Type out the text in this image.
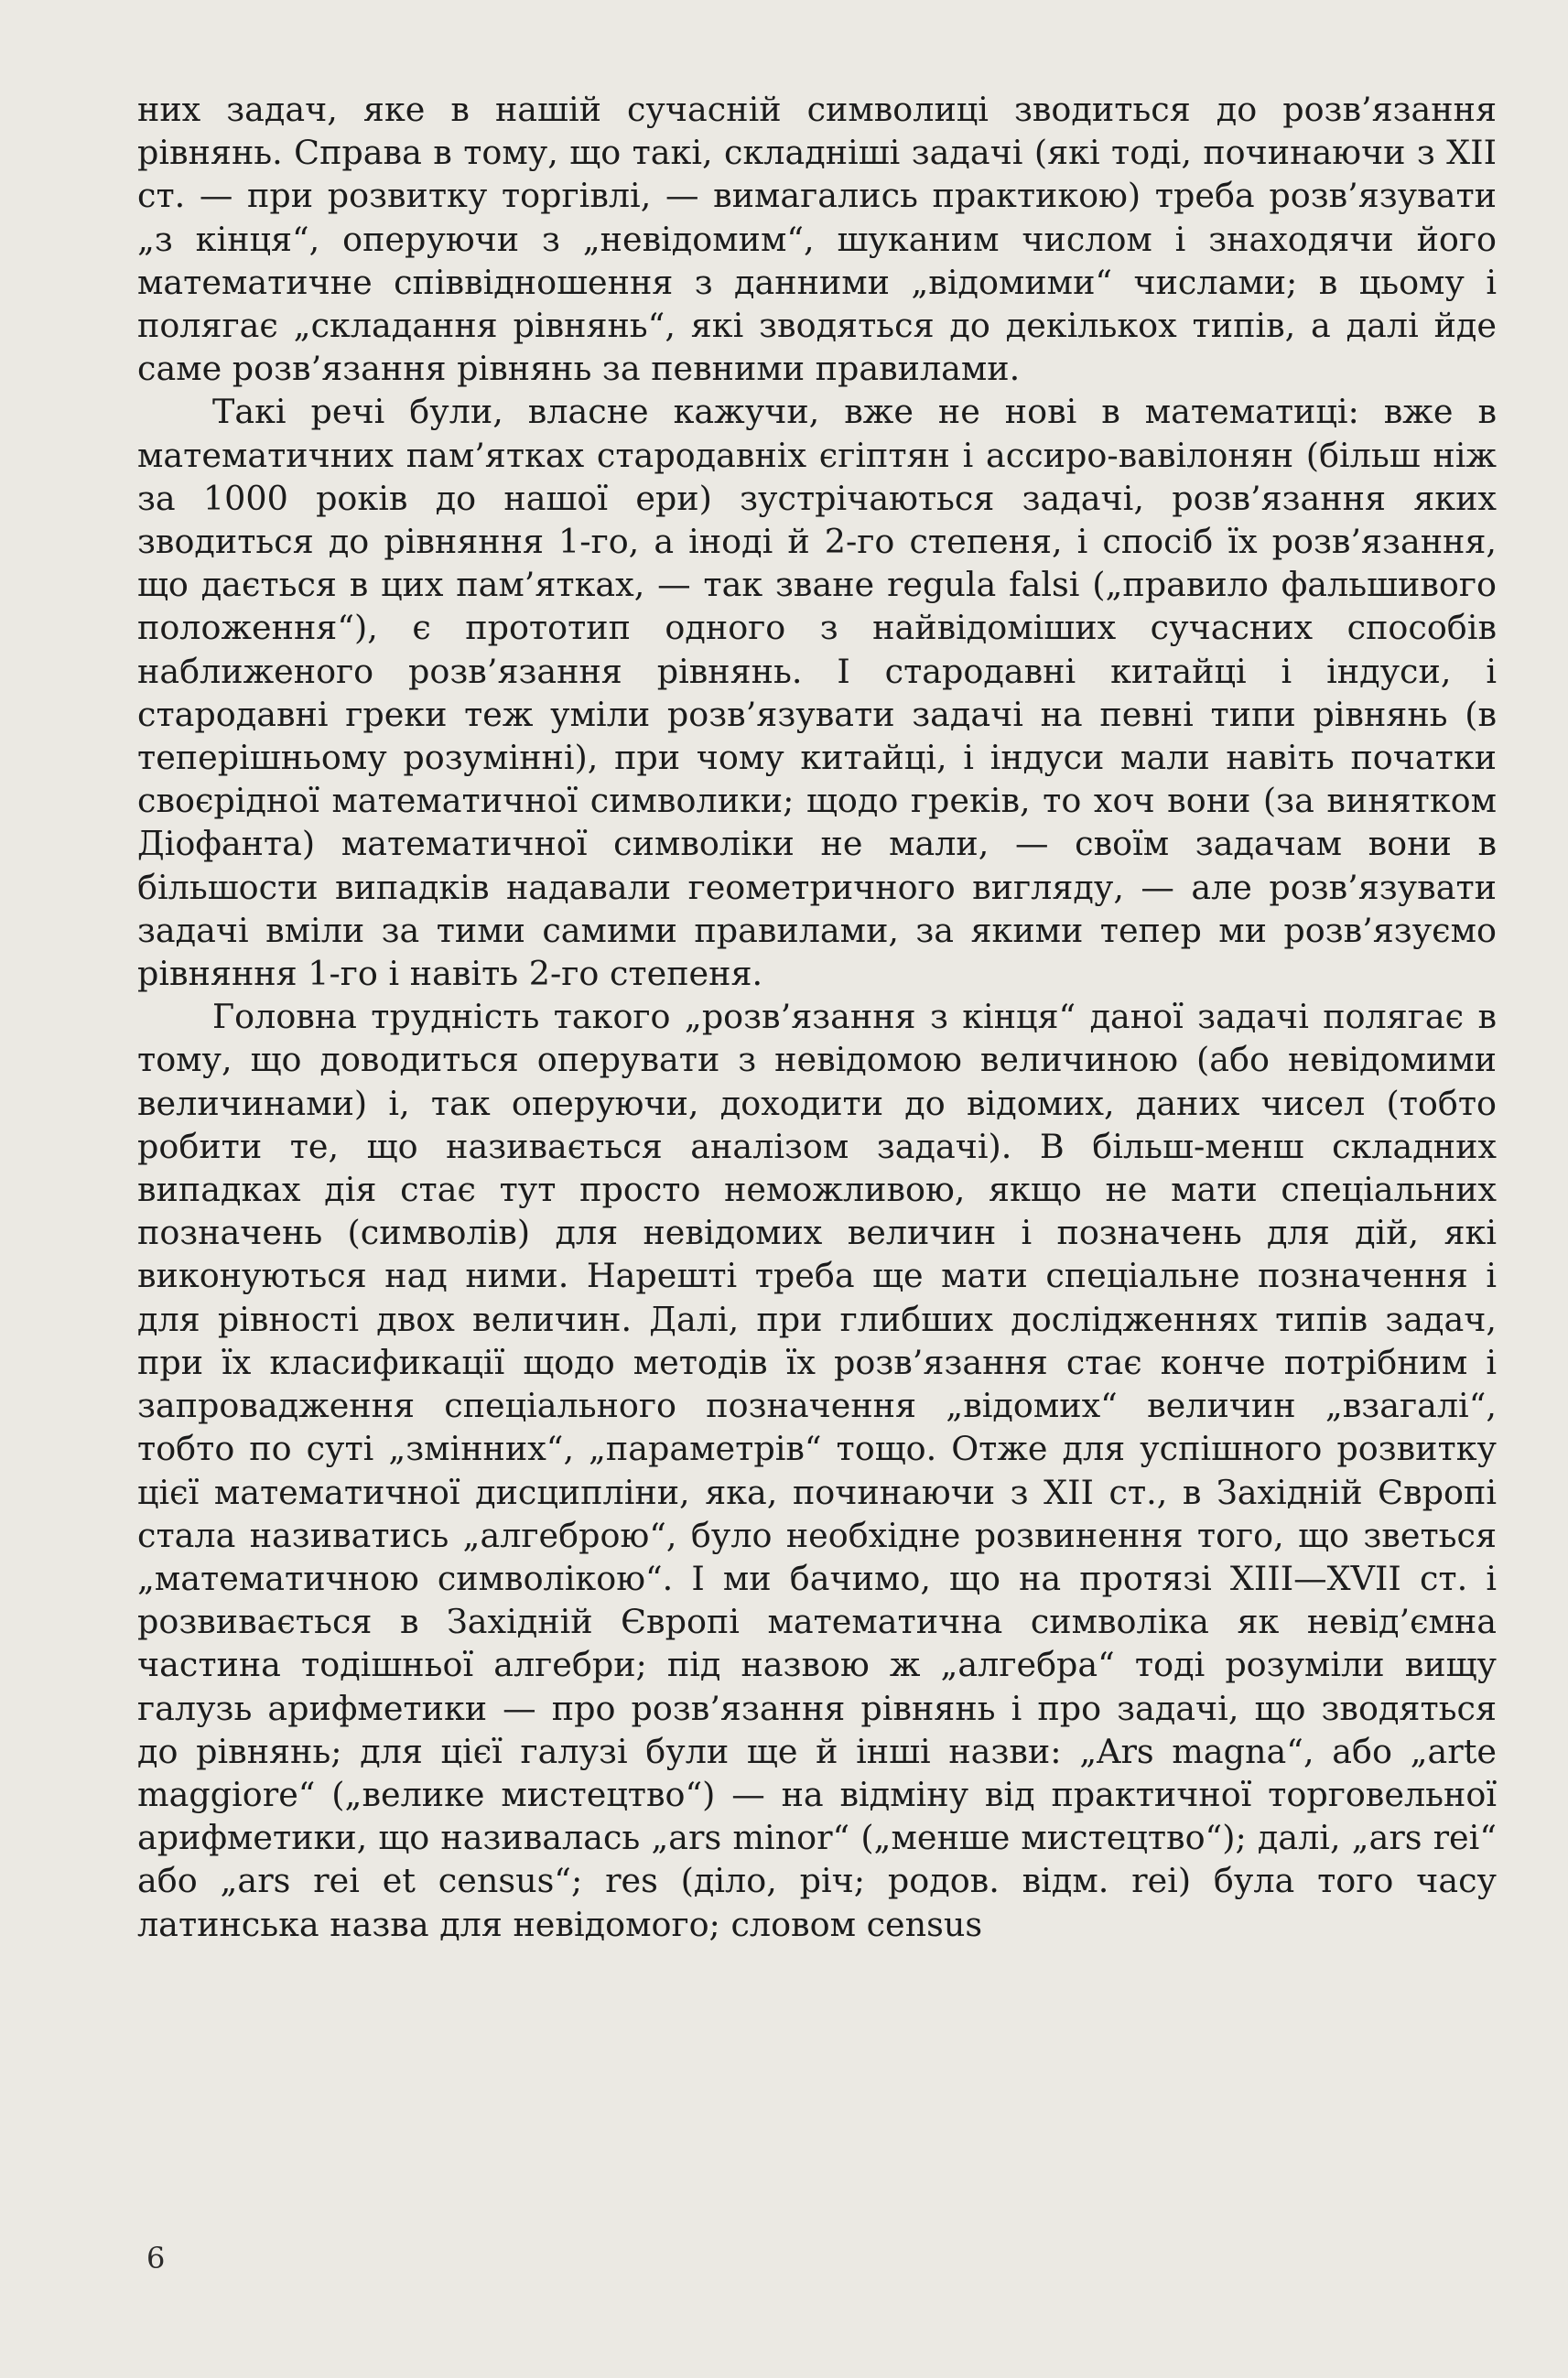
них задач, яке в нашій сучасній символиці зводиться до розв’язання рівнянь. Справа в тому, що такі, складніші задачі (які тоді, починаючи з XII ст. — при розвитку торгівлі, — вимагались практикою) треба розв’язувати „з кінця“, оперуючи з „невідомим“, шуканим числом і знаходячи його математичне співвідношення з данними „відомими“ числами; в цьому і полягає „складання рівнянь“, які зводяться до декількох типів, а далі йде саме розв’язання рівнянь за певними правилами.

Такі речі були, власне кажучи, вже не нові в математиці: вже в математичних пам’ятках стародавніх єгіптян і ассиро-вавілонян (більш ніж за 1000 років до нашої ери) зустрічаються задачі, розв’язання яких зводиться до рівняння 1-го, а іноді й 2-го степеня, і спосіб їх розв’язання, що дається в цих пам’ятках, — так зване regula falsi („правило фальшивого положення“), є прототип одного з найвідоміших сучасних способів наближеного розв’язання рівнянь. І стародавні китайці і індуси, і стародавні греки теж уміли розв’язувати задачі на певні типи рівнянь (в теперішньому розумінні), при чому китайці, і індуси мали навіть початки своєрідної математичної символики; щодо греків, то хоч вони (за винятком Діофанта) математичної символіки не мали, — своїм задачам вони в більшости випадків надавали геометричного вигляду, — але розв’язувати задачі вміли за тими самими правилами, за якими тепер ми розв’язуємо рівняння 1-го і навіть 2-го степеня.

Головна трудність такого „розв’язання з кінця“ даної задачі полягає в тому, що доводиться оперувати з невідомою величиною (або невідомими величинами) і, так оперуючи, доходити до відомих, даних чисел (тобто робити те, що називається аналізом задачі). В більш-менш складних випадках дія стає тут просто неможливою, якщо не мати спеціальних позначень (символів) для невідомих величин і позначень для дій, які виконуються над ними. Нарешті треба ще мати спеціальне позначення і для рівності двох величин. Далі, при глибших дослідженнях типів задач, при їх класификації щодо методів їх розв’язання стає конче потрібним і запровадження спеціального позначення „відомих“ величин „взагалі“, тобто по суті „змінних“, „параметрів“ тощо. Отже для успішного розвитку цієї математичної дисципліни, яка, починаючи з XII ст., в Західній Європі стала називатись „алгеброю“, було необхідне розвинення того, що зветься „математичною символікою“. І ми бачимо, що на протязі XIII—XVII ст. і розвивається в Західній Європі математична символіка як невід’ємна частина тодішньої алгебри; під назвою ж „алгебра“ тоді розуміли вищу галузь арифметики — про розв’язання рівнянь і про задачі, що зводяться до рівнянь; для цієї галузі були ще й інші назви: „Ars magna“, або „arte maggiore“ („велике мистецтво“) — на відміну від практичної торговельної арифметики, що називалась „ars minor“ („менше мистецтво“); далі, „ars rei“ або „ars rei et census“; res (діло, річ; родов. відм. rei) була того часу латинська назва для невідомого; словом census

6
